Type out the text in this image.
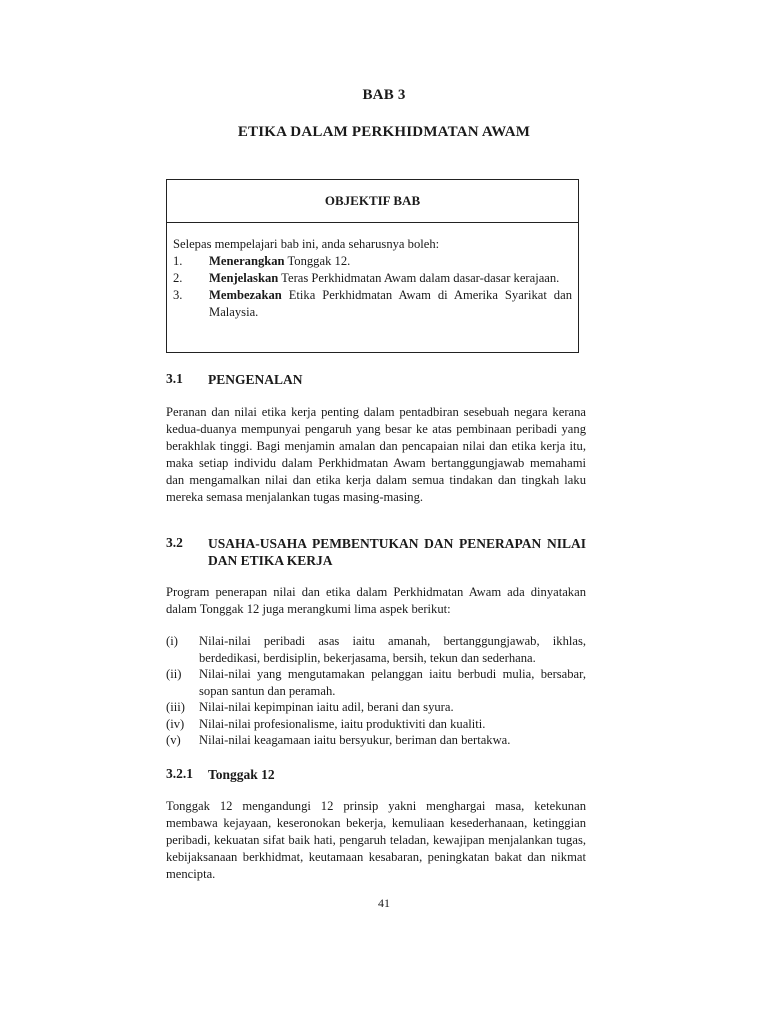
BAB 3
ETIKA DALAM PERKHIDMATAN AWAM
OBJEKTIF BAB
Selepas mempelajari bab ini, anda seharusnya boleh:
1.	Menerangkan Tonggak 12.
2.	Menjelaskan Teras Perkhidmatan Awam dalam dasar-dasar kerajaan.
3.	Membezakan Etika Perkhidmatan Awam di Amerika Syarikat dan Malaysia.
3.1	PENGENALAN

Peranan dan nilai etika kerja penting dalam pentadbiran sesebuah negara kerana kedua-duanya mempunyai pengaruh yang besar ke atas pembinaan peribadi yang berakhlak tinggi. Bagi menjamin amalan dan pencapaian nilai dan etika kerja itu, maka setiap individu dalam Perkhidmatan Awam bertanggungjawab memahami dan mengamalkan nilai dan etika kerja dalam semua tindakan dan tingkah laku mereka semasa menjalankan tugas masing-masing.

3.2	USAHA-USAHA PEMBENTUKAN DAN PENERAPAN NILAI DAN ETIKA KERJA

Program penerapan nilai dan etika dalam Perkhidmatan Awam ada dinyatakan dalam Tonggak 12 juga merangkumi lima aspek berikut:

(i)	Nilai-nilai peribadi asas iaitu amanah, bertanggungjawab, ikhlas, berdedikasi, berdisiplin, bekerjasama, bersih, tekun dan sederhana.
(ii)	Nilai-nilai yang mengutamakan pelanggan iaitu berbudi mulia, bersabar, sopan santun dan peramah.
(iii)	Nilai-nilai kepimpinan iaitu adil, berani dan syura.
(iv)	Nilai-nilai profesionalisme, iaitu produktiviti dan kualiti.
(v)	Nilai-nilai keagamaan iaitu bersyukur, beriman dan bertakwa.
3.2.1	Tonggak 12

Tonggak 12 mengandungi 12 prinsip yakni menghargai masa, ketekunan membawa kejayaan, keseronokan bekerja, kemuliaan kesederhanaan, ketinggian peribadi, kekuatan sifat baik hati, pengaruh teladan, kewajipan menjalankan tugas, kebijaksanaan berkhidmat, keutamaan kesabaran, peningkatan bakat dan nikmat mencipta.

41
